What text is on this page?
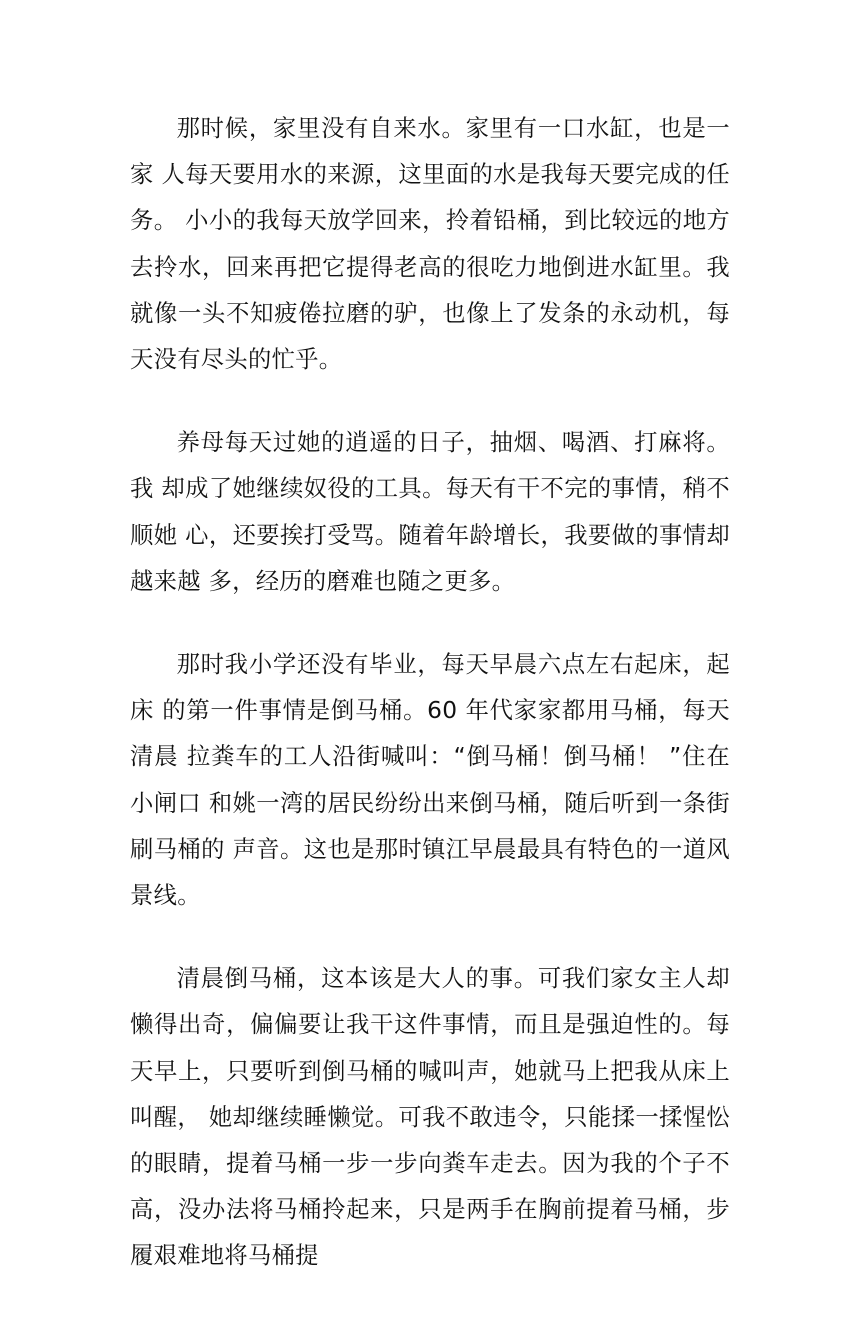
那时候，家里没有自来水。家里有一口水缸，也是一家 人每天要用水的来源，这里面的水是我每天要完成的任务。 小小的我每天放学回来，拎着铅桶，到比较远的地方去拎水，回来再把它提得老高的很吃力地倒进水缸里。我就像一头不知疲倦拉磨的驴，也像上了发条的永动机，每天没有尽头的忙乎。

养母每天过她的逍遥的日子，抽烟、喝酒、打麻将。我 却成了她继续奴役的工具。每天有干不完的事情，稍不顺她 心，还要挨打受骂。随着年龄增长，我要做的事情却越来越 多，经历的磨难也随之更多。

那时我小学还没有毕业，每天早晨六点左右起床，起床 的第一件事情是倒马桶。60 年代家家都用马桶，每天清晨 拉粪车的工人沿街喊叫：“倒马桶！倒马桶！ ”住在小闸口 和姚一湾的居民纷纷出来倒马桶，随后听到一条街刷马桶的 声音。这也是那时镇江早晨最具有特色的一道风景线。

清晨倒马桶，这本该是大人的事。可我们家女主人却懒得出奇，偏偏要让我干这件事情，而且是强迫性的。每天早上，只要听到倒马桶的喊叫声，她就马上把我从床上叫醒， 她却继续睡懒觉。可我不敢违令，只能揉一揉惺忪的眼睛，提着马桶一步一步向粪车走去。因为我的个子不高，没办法将马桶拎起来，只是两手在胸前提着马桶，步履艰难地将马桶提
